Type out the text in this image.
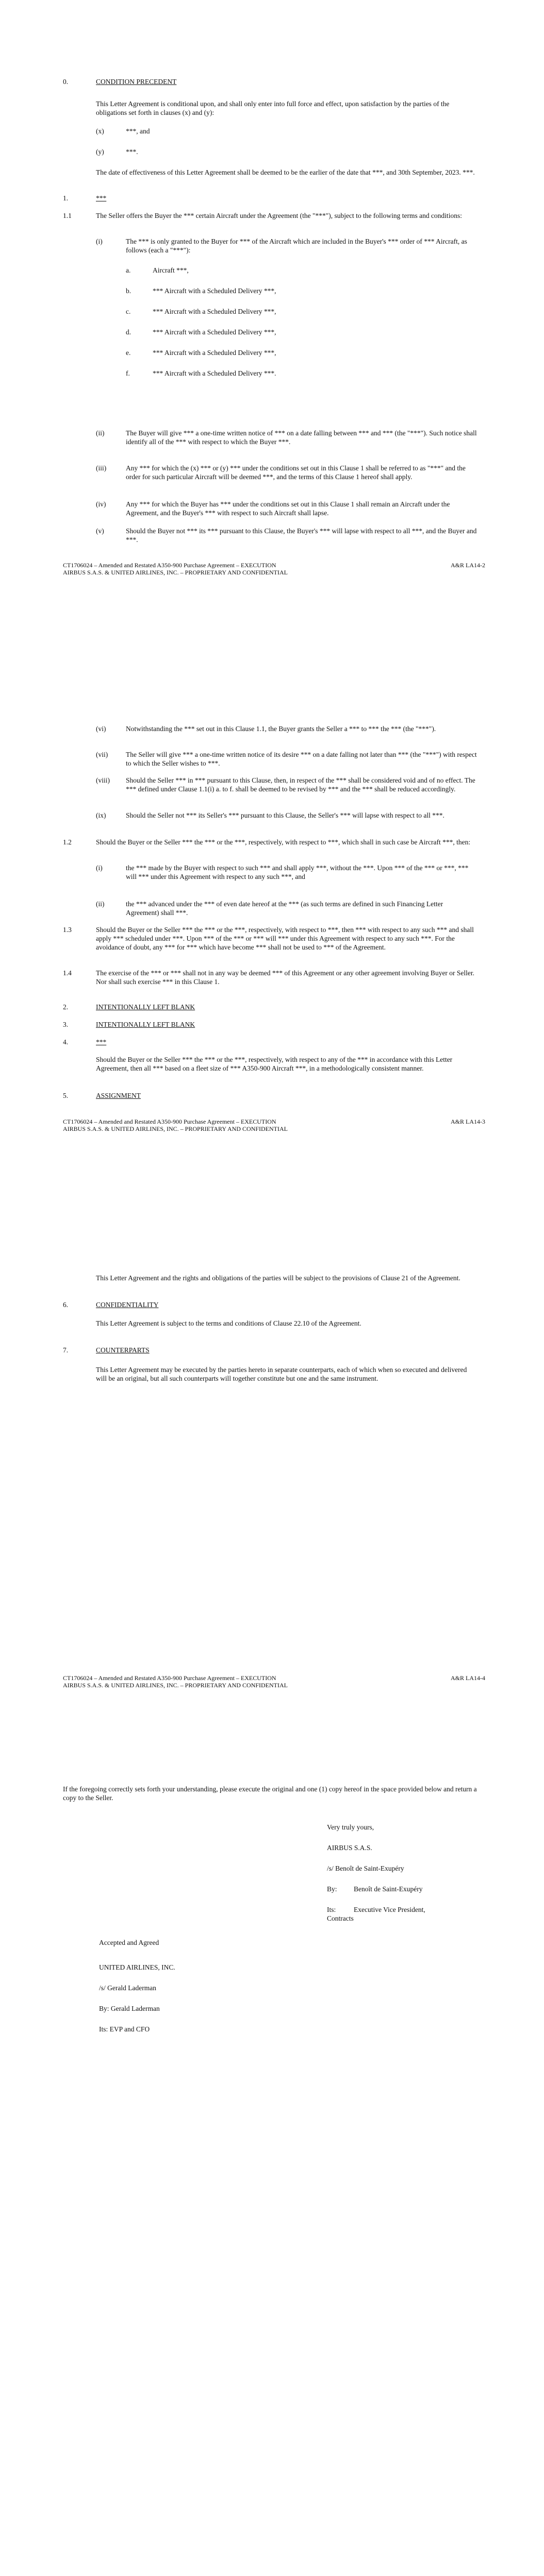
0.	CONDITION PRECEDENT
This Letter Agreement is conditional upon, and shall only enter into full force and effect, upon satisfaction by the parties of the obligations set forth in clauses (x) and (y):
(x)	***, and
(y)	***.
The date of effectiveness of this Letter Agreement shall be deemed to be the earlier of the date that ***, and 30th September, 2023. ***.
1.	***
1.1	The Seller offers the Buyer the *** certain Aircraft under the Agreement (the "***"), subject to the following terms and conditions:
(i)	The *** is only granted to the Buyer for *** of the Aircraft which are included in the Buyer's *** order of *** Aircraft, as follows (each a "***"):
a.	Aircraft ***,
b.	*** Aircraft with a Scheduled Delivery ***,
c.	*** Aircraft with a Scheduled Delivery ***,
d.	*** Aircraft with a Scheduled Delivery ***,
e.	*** Aircraft with a Scheduled Delivery ***,
f.	*** Aircraft with a Scheduled Delivery ***.
(ii)	The Buyer will give *** a one-time written notice of *** on a date falling between *** and *** (the "***"). Such notice shall identify all of the *** with respect to which the Buyer ***.
(iii)	Any *** for which the (x) *** or (y) *** under the conditions set out in this Clause 1 shall be referred to as "***" and the order for such particular Aircraft will be deemed ***, and the terms of this Clause 1 hereof shall apply.
(iv)	Any *** for which the Buyer has *** under the conditions set out in this Clause 1 shall remain an Aircraft under the Agreement, and the Buyer's *** with respect to such Aircraft shall lapse.
(v)	Should the Buyer not *** its *** pursuant to this Clause, the Buyer's *** will lapse with respect to all ***, and the Buyer and ***.
CT1706024 – Amended and Restated A350-900 Purchase Agreement – EXECUTION
AIRBUS S.A.S. & UNITED AIRLINES, INC. – PROPRIETARY AND CONFIDENTIAL
A&R LA14-2
(vi)	Notwithstanding the *** set out in this Clause 1.1, the Buyer grants the Seller a *** to *** the *** (the "***").
(vii)	The Seller will give *** a one-time written notice of its desire *** on a date falling not later than *** (the "***") with respect to which the Seller wishes to ***.
(viii) Should the Seller *** in *** pursuant to this Clause, then, in respect of the *** shall be considered void and of no effect. The *** defined under Clause 1.1(i) a. to f. shall be deemed to be revised by *** and the *** shall be reduced accordingly.
(ix)	Should the Seller not *** its Seller's *** pursuant to this Clause, the Seller's *** will lapse with respect to all ***.
1.2	Should the Buyer or the Seller *** the *** or the ***, respectively, with respect to ***, which shall in such case be Aircraft ***, then:
(i)	the *** made by the Buyer with respect to such *** and shall apply ***, without the ***. Upon *** of the *** or ***, *** will *** under this Agreement with respect to any such ***, and
(ii)	the *** advanced under the *** of even date hereof at the *** (as such terms are defined in such Financing Letter Agreement) shall ***.
1.3	Should the Buyer or the Seller *** the *** or the ***, respectively, with respect to ***, then *** with respect to any such *** and shall apply *** scheduled under ***. Upon *** of the *** or *** will *** under this Agreement with respect to any such ***. For the avoidance of doubt, any *** for *** which have become *** shall not be used to *** of the Agreement.
1.4	The exercise of the *** or *** shall not in any way be deemed *** of this Agreement or any other agreement involving Buyer or Seller. Nor shall such exercise *** in this Clause 1.
2.	INTENTIONALLY LEFT BLANK
3.	INTENTIONALLY LEFT BLANK
4.	***
Should the Buyer or the Seller *** the *** or the ***, respectively, with respect to any of the *** in accordance with this Letter Agreement, then all *** based on a fleet size of *** A350-900 Aircraft ***, in a methodologically consistent manner.
5.	ASSIGNMENT
CT1706024 – Amended and Restated A350-900 Purchase Agreement – EXECUTION
AIRBUS S.A.S. & UNITED AIRLINES, INC. – PROPRIETARY AND CONFIDENTIAL
A&R LA14-3
This Letter Agreement and the rights and obligations of the parties will be subject to the provisions of Clause 21 of the Agreement.
6.	CONFIDENTIALITY
This Letter Agreement is subject to the terms and conditions of Clause 22.10 of the Agreement.
7.	COUNTERPARTS
This Letter Agreement may be executed by the parties hereto in separate counterparts, each of which when so executed and delivered will be an original, but all such counterparts will together constitute but one and the same instrument.
CT1706024 – Amended and Restated A350-900 Purchase Agreement – EXECUTION
AIRBUS S.A.S. & UNITED AIRLINES, INC. – PROPRIETARY AND CONFIDENTIAL
A&R LA14-4
If the foregoing correctly sets forth your understanding, please execute the original and one (1) copy hereof in the space provided below and return a copy to the Seller.
Very truly yours,
AIRBUS S.A.S.
/s/ Benoît de Saint-Exupéry
By: Benoît de Saint-Exupéry
Its:	Executive Vice President,
Contracts
Accepted and Agreed
UNITED AIRLINES, INC.
/s/ Gerald Laderman
By: Gerald Laderman
Its: EVP and CFO
